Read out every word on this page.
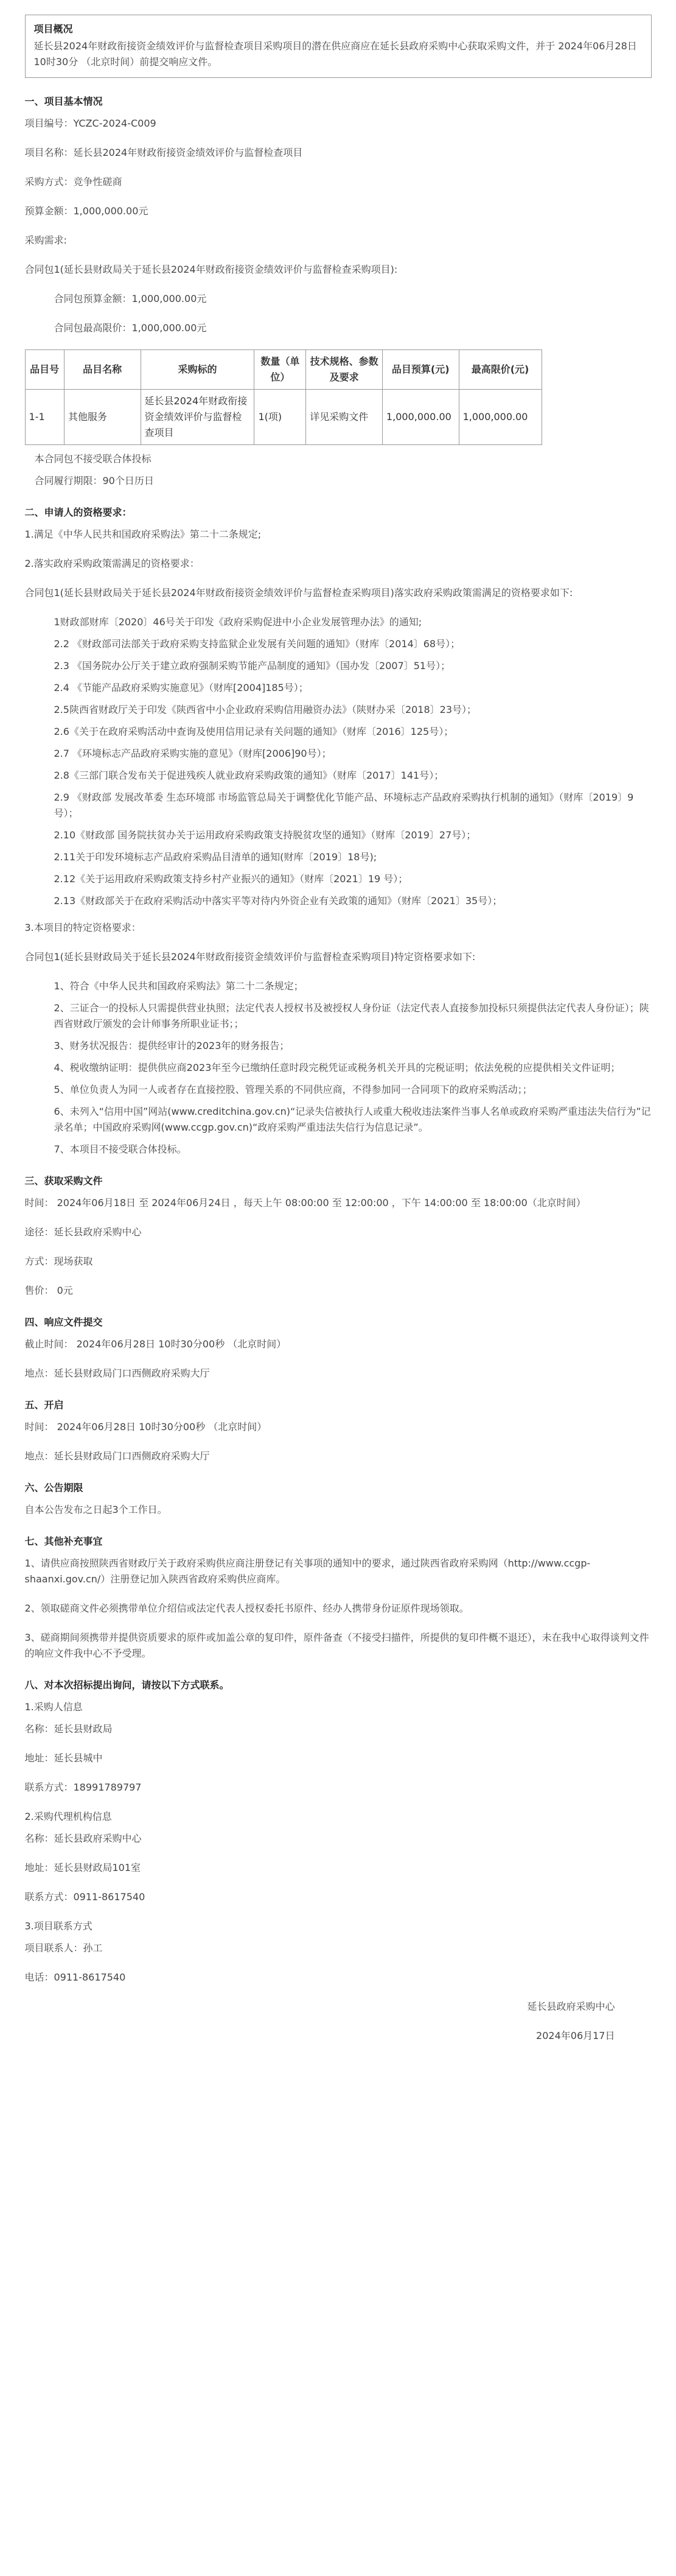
项目概况
延长县2024年财政衔接资金绩效评价与监督检查项目采购项目的潜在供应商应在延长县政府采购中心获取采购文件，并于 2024年06月28日 10时30分 （北京时间）前提交响应文件。
一、项目基本情况

项目编号：YCZC-2024-C009

项目名称：延长县2024年财政衔接资金绩效评价与监督检查项目

采购方式：竞争性磋商

预算金额：1,000,000.00元

采购需求:

合同包1(延长县财政局关于延长县2024年财政衔接资金绩效评价与监督检查采购项目):

合同包预算金额：1,000,000.00元

合同包最高限价：1,000,000.00元

品目号	品目名称	采购标的	数量（单位）	技术规格、参数及要求	品目预算(元)	最高限价(元)
1-1	其他服务	延长县2024年财政衔接资金绩效评价与监督检查项目	1(项)	详见采购文件	1,000,000.00	1,000,000.00

本合同包不接受联合体投标

合同履行期限：90个日历日

二、申请人的资格要求：

1.满足《中华人民共和国政府采购法》第二十二条规定;

2.落实政府采购政策需满足的资格要求：

合同包1(延长县财政局关于延长县2024年财政衔接资金绩效评价与监督检查采购项目)落实政府采购政策需满足的资格要求如下:

1财政部财库〔2020〕46号关于印发《政府采购促进中小企业发展管理办法》的通知;

2.2 《财政部司法部关于政府采购支持监狱企业发展有关问题的通知》（财库〔2014〕68号）；

2.3 《国务院办公厅关于建立政府强制采购节能产品制度的通知》（国办发〔2007〕51号）；

2.4 《节能产品政府采购实施意见》（财库[2004]185号）；

2.5陕西省财政厅关于印发《陕西省中小企业政府采购信用融资办法》（陕财办采〔2018〕23号）；

2.6《关于在政府采购活动中查询及使用信用记录有关问题的通知》（财库〔2016〕125号）；

2.7 《环境标志产品政府采购实施的意见》（财库[2006]90号）；

2.8《三部门联合发布关于促进残疾人就业政府采购政策的通知》（财库〔2017〕141号）；

2.9 《财政部 发展改革委 生态环境部 市场监管总局关于调整优化节能产品、环境标志产品政府采购执行机制的通知》（财库〔2019〕9号）；

2.10《财政部 国务院扶贫办关于运用政府采购政策支持脱贫攻坚的通知》（财库〔2019〕27号）；

2.11关于印发环境标志产品政府采购品目清单的通知(财库〔2019〕18号);

2.12《关于运用政府采购政策支持乡村产业振兴的通知》（财库〔2021〕19 号）；

2.13《财政部关于在政府采购活动中落实平等对待内外资企业有关政策的通知》（财库〔2021〕35号）；

3.本项目的特定资格要求：

合同包1(延长县财政局关于延长县2024年财政衔接资金绩效评价与监督检查采购项目)特定资格要求如下:

1、符合《中华人民共和国政府采购法》第二十二条规定；

2、三证合一的投标人只需提供营业执照；法定代表人授权书及被授权人身份证（法定代表人直接参加投标只须提供法定代表人身份证）；陕西省财政厅颁发的会计师事务所职业证书；；

3、财务状况报告：提供经审计的2023年的财务报告；

4、税收缴纳证明：提供供应商2023年至今已缴纳任意时段完税凭证或税务机关开具的完税证明；依法免税的应提供相关文件证明；

5、单位负责人为同一人或者存在直接控股、管理关系的不同供应商，不得参加同一合同项下的政府采购活动；；

6、未列入“信用中国”网站(www.creditchina.gov.cn)“记录失信被执行人或重大税收违法案件当事人名单或政府采购严重违法失信行为”记录名单；中国政府采购网(www.ccgp.gov.cn)“政府采购严重违法失信行为信息记录”。

7、本项目不接受联合体投标。

三、获取采购文件

时间： 2024年06月18日 至 2024年06月24日 ，每天上午 08:00:00 至 12:00:00 ，下午 14:00:00 至 18:00:00（北京时间）

途径：延长县政府采购中心

方式：现场获取

售价： 0元

四、响应文件提交

截止时间： 2024年06月28日 10时30分00秒 （北京时间）

地点：延长县财政局门口西侧政府采购大厅

五、开启

时间： 2024年06月28日 10时30分00秒 （北京时间）

地点：延长县财政局门口西侧政府采购大厅

六、公告期限

自本公告发布之日起3个工作日。

七、其他补充事宜

1、请供应商按照陕西省财政厅关于政府采购供应商注册登记有关事项的通知中的要求，通过陕西省政府采购网（http://www.ccgp-shaanxi.gov.cn/）注册登记加入陕西省政府采购供应商库。

2、领取磋商文件必须携带单位介绍信或法定代表人授权委托书原件、经办人携带身份证原件现场领取。

3、磋商期间须携带并提供资质要求的原件或加盖公章的复印件，原件备查（不接受扫描件，所提供的复印件概不退还），未在我中心取得谈判文件的响应文件我中心不予受理。

八、对本次招标提出询问，请按以下方式联系。

1.采购人信息

名称：延长县财政局

地址：延长县城中

联系方式：18991789797

2.采购代理机构信息

名称：延长县政府采购中心

地址：延长县财政局101室

联系方式：0911-8617540

3.项目联系方式

项目联系人：孙工

电话：0911-8617540

延长县政府采购中心

2024年06月17日
